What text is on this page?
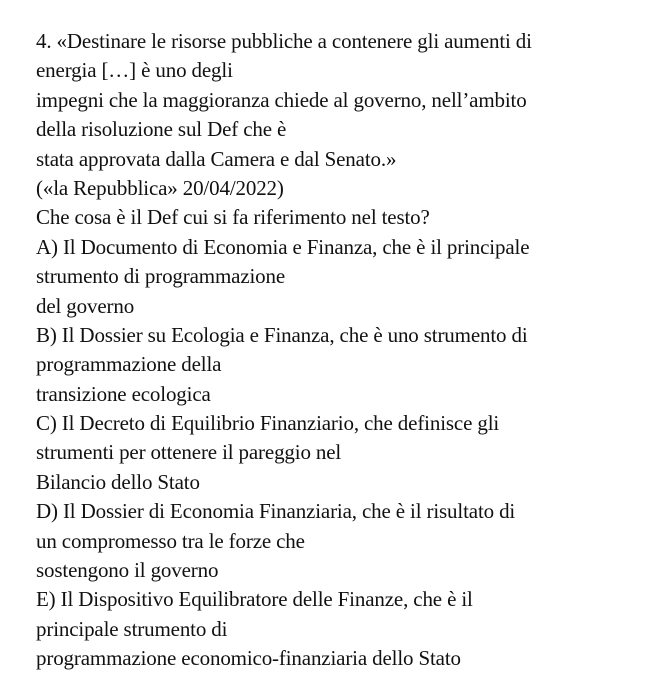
4. «Destinare le risorse pubbliche a contenere gli aumenti di
energia […] è uno degli
impegni che la maggioranza chiede al governo, nell’ambito
della risoluzione sul Def che è
stata approvata dalla Camera e dal Senato.»
(«la Repubblica» 20/04/2022)
Che cosa è il Def cui si fa riferimento nel testo?
A) Il Documento di Economia e Finanza, che è il principale
strumento di programmazione
del governo
B) Il Dossier su Ecologia e Finanza, che è uno strumento di
programmazione della
transizione ecologica
C) Il Decreto di Equilibrio Finanziario, che definisce gli
strumenti per ottenere il pareggio nel
Bilancio dello Stato
D) Il Dossier di Economia Finanziaria, che è il risultato di
un compromesso tra le forze che
sostengono il governo
E) Il Dispositivo Equilibratore delle Finanze, che è il
principale strumento di
programmazione economico-finanziaria dello Stato
